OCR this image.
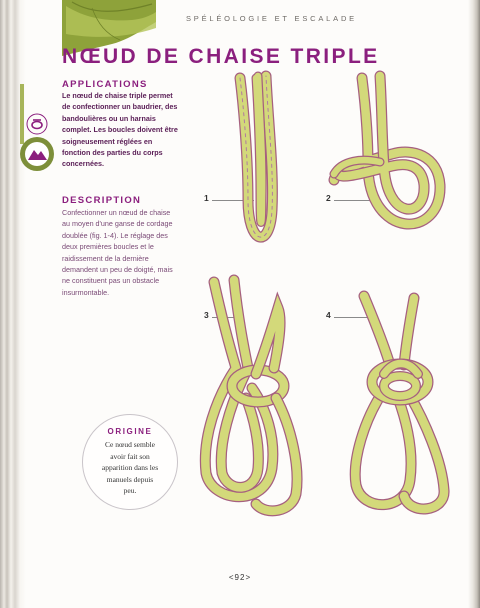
SPÉLÉOLOGIE ET ESCALADE
NŒUD DE CHAISE TRIPLE
APPLICATIONS
Le nœud de chaise triple permet
de confectionner un baudrier, des
bandoulières ou un harnais
complet. Les boucles doivent être
soigneusement réglées en
fonction des parties du corps
concernées.
DESCRIPTION
Confectionner un nœud de chaise
au moyen d'une ganse de cordage
doublée (fig. 1-4). Le réglage des
deux premières boucles et le
raidissement de la dernière
demandent un peu de doigté, mais
ne constituent pas un obstacle
insurmontable.
1	2
3	4
ORIGINE
Ce nœud semble
avoir fait son
apparition dans les
manuels depuis
peu.
<92>
